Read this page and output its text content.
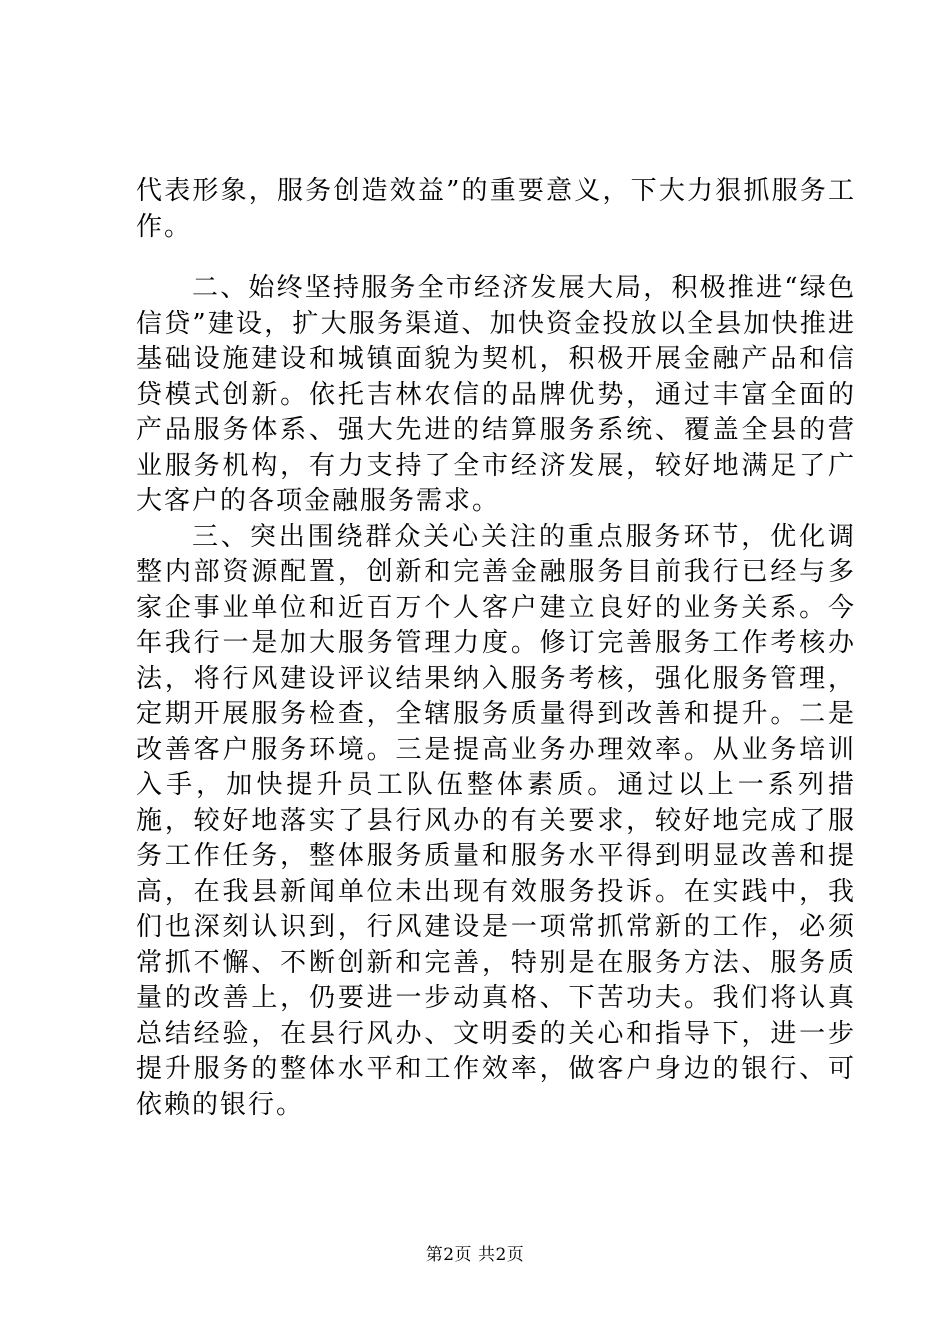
代表形象，服务创造效益”的重要意义，下大力狠抓服务工作。

二、始终坚持服务全市经济发展大局，积极推进“绿色信贷”建设，扩大服务渠道、加快资金投放以全县加快推进基础设施建设和城镇面貌为契机，积极开展金融产品和信贷模式创新。依托吉林农信的品牌优势，通过丰富全面的产品服务体系、强大先进的结算服务系统、覆盖全县的营业服务机构，有力支持了全市经济发展，较好地满足了广大客户的各项金融服务需求。

三、突出围绕群众关心关注的重点服务环节，优化调整内部资源配置，创新和完善金融服务目前我行已经与多家企事业单位和近百万个人客户建立良好的业务关系。今年我行一是加大服务管理力度。修订完善服务工作考核办法，将行风建设评议结果纳入服务考核，强化服务管理，定期开展服务检查，全辖服务质量得到改善和提升。二是改善客户服务环境。三是提高业务办理效率。从业务培训入手，加快提升员工队伍整体素质。通过以上一系列措施，较好地落实了县行风办的有关要求，较好地完成了服务工作任务，整体服务质量和服务水平得到明显改善和提高，在我县新闻单位未出现有效服务投诉。在实践中，我们也深刻认识到，行风建设是一项常抓常新的工作，必须常抓不懈、不断创新和完善，特别是在服务方法、服务质量的改善上，仍要进一步动真格、下苦功夫。我们将认真总结经验，在县行风办、文明委的关心和指导下，进一步提升服务的整体水平和工作效率，做客户身边的银行、可依赖的银行。

第2页 共2页
